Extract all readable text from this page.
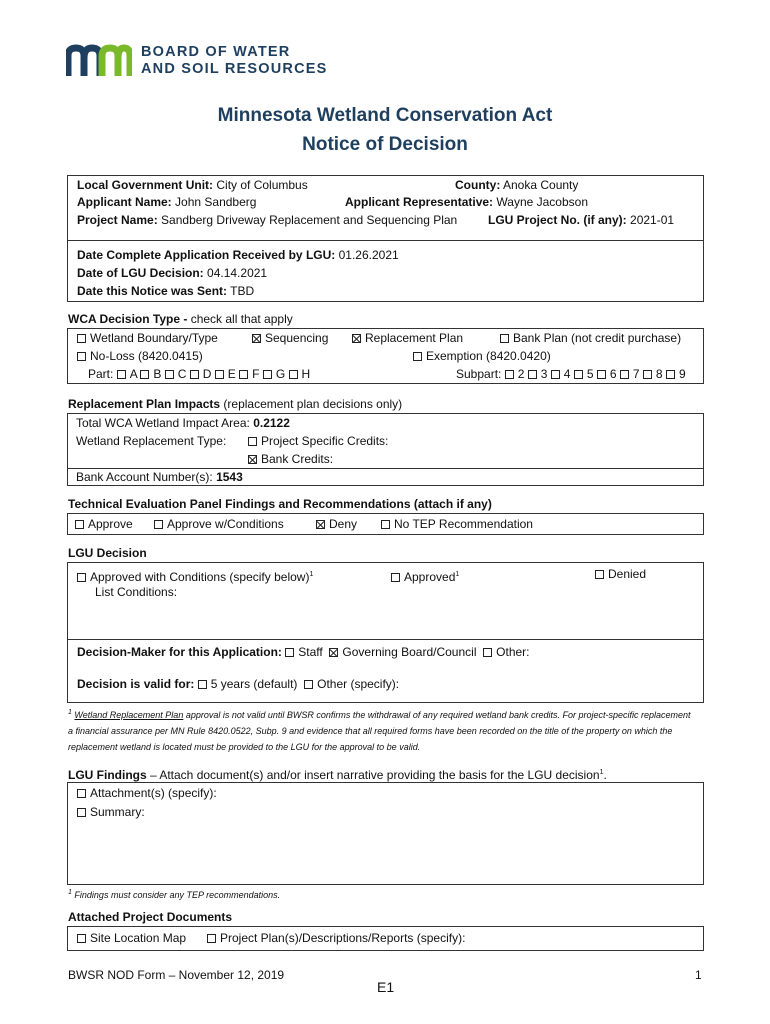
BOARD OF WATER
AND SOIL RESOURCES
Minnesota Wetland Conservation Act
Notice of Decision
Local Government Unit: City of Columbus	County: Anoka County
Applicant Name: John Sandberg	Applicant Representative: Wayne Jacobson
Project Name: Sandberg Driveway Replacement and Sequencing Plan	LGU Project No. (if any): 2021-01
Date Complete Application Received by LGU: 01.26.2021
Date of LGU Decision: 04.14.2021
Date this Notice was Sent: TBD
WCA Decision Type - check all that apply
Wetland Boundary/Type	Sequencing	Replacement Plan	Bank Plan (not credit purchase)
No-Loss (8420.0415)	Exemption (8420.0420)
Part: A B C D E F G H	Subpart: 2 3 4 5 6 7 8 9
Replacement Plan Impacts (replacement plan decisions only)
Total WCA Wetland Impact Area: 0.2122
Wetland Replacement Type:	Project Specific Credits:
Bank Credits:
Bank Account Number(s): 1543
Technical Evaluation Panel Findings and Recommendations (attach if any)
Approve	Approve w/Conditions	Deny	No TEP Recommendation
LGU Decision
Approved with Conditions (specify below)$^1$	Approved$^1$	Denied
List Conditions:
Decision-Maker for this Application: Staff Governing Board/Council Other:
Decision is valid for: 5 years (default) Other (specify):
$^1$ Wetland Replacement Plan approval is not valid until BWSR confirms the withdrawal of any required wetland bank credits. For project-specific replacement a financial assurance per MN Rule 8420.0522, Subp. 9 and evidence that all required forms have been recorded on the title of the property on which the replacement wetland is located must be provided to the LGU for the approval to be valid.
LGU Findings – Attach document(s) and/or insert narrative providing the basis for the LGU decision$^1$.
Attachment(s) (specify):
Summary:
$^1$ Findings must consider any TEP recommendations.
Attached Project Documents
Site Location Map	Project Plan(s)/Descriptions/Reports (specify):
BWSR NOD Form – November 12, 2019
E1
1
